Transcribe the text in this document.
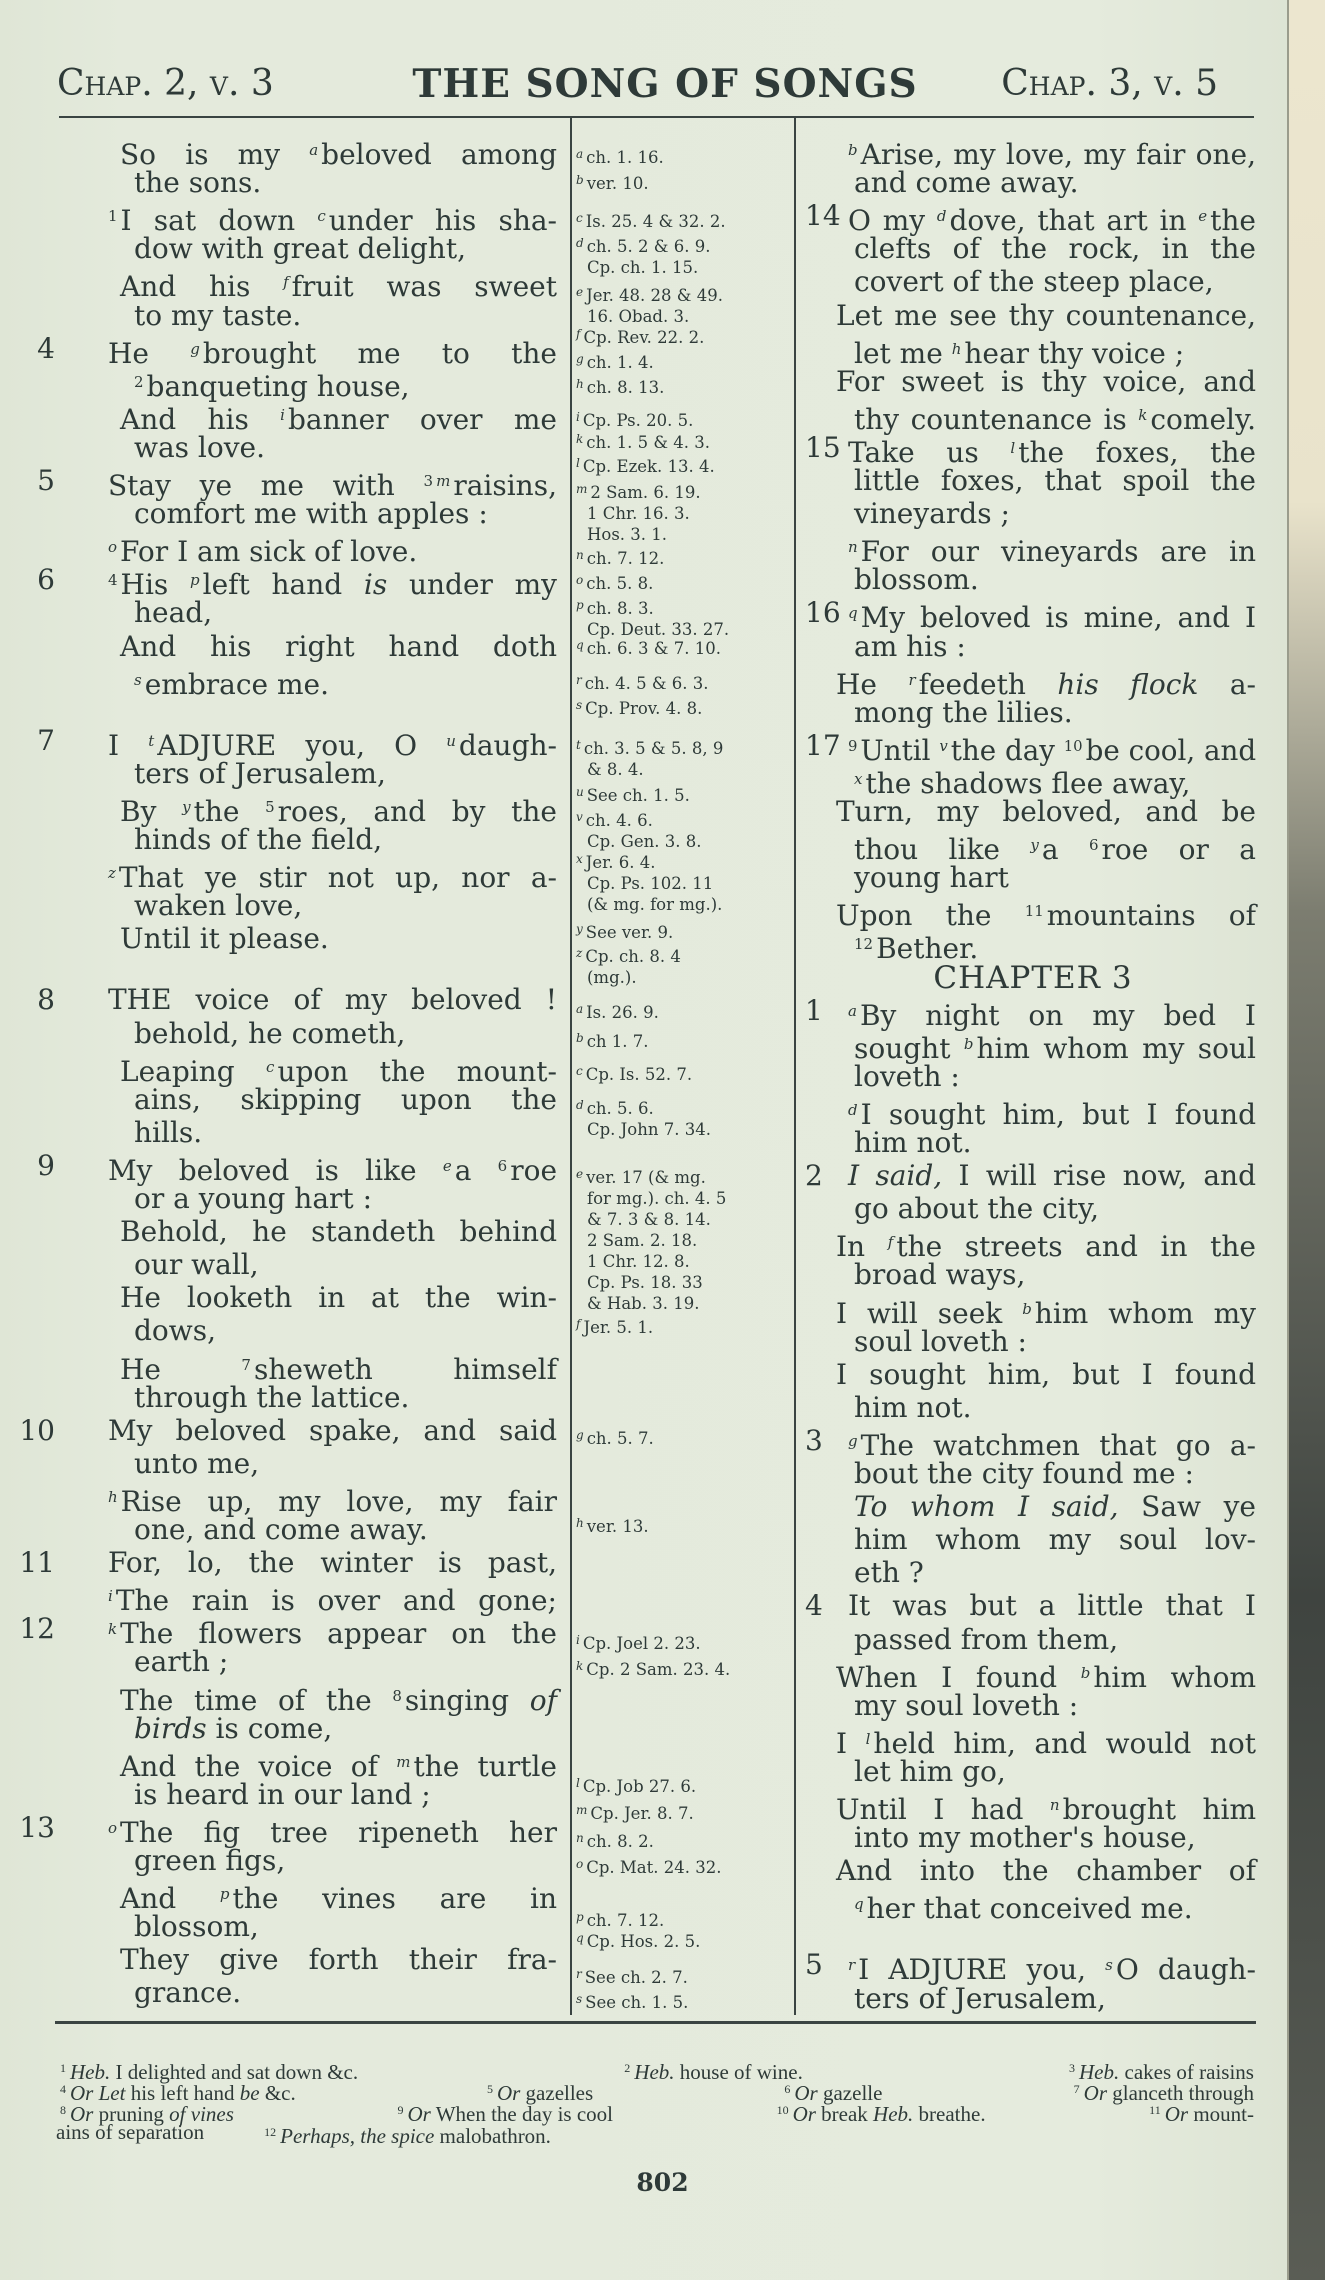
Chap. 2, v. 3	THE SONG OF SONGS	Chap. 3, v. 5
So is my $^a$ beloved among
the sons.
$^1$ I sat down $^c$ under his sha-
dow with great delight,
And his $^f$ fruit was sweet
to my taste.
He $^g$ brought me to the
4
$^2$ banqueting house,
And his $^i$ banner over me
was love.
Stay ye me with $^3$ $^m$ raisins,
5
comfort me with apples :
$^o$ For I am sick of love.
$^4$ His $^p$ left hand is under my
6
head,
And his right hand doth
$^s$ embrace me.
I $^t$ ADJURE you, O $^u$ daugh-
7
ters of Jerusalem,
By $^y$ the $^5$ roes, and by the
hinds of the field,
$^z$ That ye stir not up, nor a-
waken love,
Until it please.
THE voice of my beloved !
8
behold, he cometh,
Leaping $^c$ upon the mount-
ains, skipping upon the
hills.
My beloved is like $^e$ a $^6$ roe
9
or a young hart :
Behold, he standeth behind
our wall,
He looketh in at the win-
dows,
He $^7$ sheweth himself
through the lattice.
My beloved spake, and said
10
unto me,
$^h$ Rise up, my love, my fair
one, and come away.
For, lo, the winter is past,
11
$^i$ The rain is over and gone;
$^k$ The flowers appear on the
12
earth ;
The time of the $^8$ singing of
birds is come,
And the voice of $^m$ the turtle
is heard in our land ;
$^o$ The fig tree ripeneth her
13
green figs,
And $^p$ the vines are in
blossom,
They give forth their fra-
grance.
$^a$ ch. 1. 16.
$^b$ ver. 10.
$^c$ Is. 25. 4 & 32. 2.
$^d$ ch. 5. 2 & 6. 9.
Cp. ch. 1. 15.
$^e$ Jer. 48. 28 & 49.
16. Obad. 3.
$^f$ Cp. Rev. 22. 2.
$^g$ ch. 1. 4.
$^h$ ch. 8. 13.
$^i$ Cp. Ps. 20. 5.
$^k$ ch. 1. 5 & 4. 3.
$^l$ Cp. Ezek. 13. 4.
$^m$ 2 Sam. 6. 19.
1 Chr. 16. 3.
Hos. 3. 1.
$^n$ ch. 7. 12.
$^o$ ch. 5. 8.
$^p$ ch. 8. 3.
Cp. Deut. 33. 27.
$^q$ ch. 6. 3 & 7. 10.
$^r$ ch. 4. 5 & 6. 3.
$^s$ Cp. Prov. 4. 8.
$^t$ ch. 3. 5 & 5. 8, 9
& 8. 4.
$^u$ See ch. 1. 5.
$^v$ ch. 4. 6.
Cp. Gen. 3. 8.
$^x$ Jer. 6. 4.
Cp. Ps. 102. 11
(& mg. for mg.).
$^y$ See ver. 9.
$^z$ Cp. ch. 8. 4
(mg.).
$^a$ Is. 26. 9.
$^b$ ch 1. 7.
$^c$ Cp. Is. 52. 7.
$^d$ ch. 5. 6.
Cp. John 7. 34.
$^e$ ver. 17 (& mg.
for mg.). ch. 4. 5
& 7. 3 & 8. 14.
2 Sam. 2. 18.
1 Chr. 12. 8.
Cp. Ps. 18. 33
& Hab. 3. 19.
$^f$ Jer. 5. 1.
$^g$ ch. 5. 7.
$^h$ ver. 13.
$^i$ Cp. Joel 2. 23.
$^k$ Cp. 2 Sam. 23. 4.
$^l$ Cp. Job 27. 6.
$^m$ Cp. Jer. 8. 7.
$^n$ ch. 8. 2.
$^o$ Cp. Mat. 24. 32.
$^p$ ch. 7. 12.
$^q$ Cp. Hos. 2. 5.
$^r$ See ch. 2. 7.
$^s$ See ch. 1. 5.
$^b$ Arise, my love, my fair one,
and come away.
O my $^d$ dove, that art in $^e$ the
14
clefts of the rock, in the
covert of the steep place,
Let me see thy countenance,
let me $^h$ hear thy voice ;
For sweet is thy voice, and
thy countenance is $^k$ comely.
Take us $^l$ the foxes, the
15
little foxes, that spoil the
vineyards ;
$^n$ For our vineyards are in
blossom.
$^q$ My beloved is mine, and I
16
am his :
He $^r$ feedeth his flock a-
mong the lilies.
$^9$ Until $^v$ the day $^{10}$ be cool, and
17
$^x$ the shadows flee away,
Turn, my beloved, and be
thou like $^y$ a $^6$ roe or a
young hart
Upon the $^{11}$ mountains of
$^{12}$ Bether.
CHAPTER 3
$^a$ By night on my bed I
1
sought $^b$ him whom my soul
loveth :
$^d$ I sought him, but I found
him not.
I said, I will rise now, and
2
go about the city,
In $^f$ the streets and in the
broad ways,
I will seek $^b$ him whom my
soul loveth :
I sought him, but I found
him not.
$^g$ The watchmen that go a-
3
bout the city found me :
To whom I said, Saw ye
him whom my soul lov-
eth ?
It was but a little that I
4
passed from them,
When I found $^b$ him whom
my soul loveth :
I $^l$ held him, and would not
let him go,
Until I had $^n$ brought him
into my mother's house,
And into the chamber of
$^q$ her that conceived me.
$^r$ I ADJURE you, $^s$ O daugh-
5
ters of Jerusalem,
$^1$ Heb. I delighted and sat down &c.	$^2$ Heb. house of wine.	$^3$ Heb. cakes of raisins
$^4$ Or Let his left hand be &c.	$^5$ Or gazelles	$^6$ Or gazelle	$^7$ Or glanceth through
$^8$ Or pruning of vines	$^9$ Or When the day is cool	$^{10}$ Or break Heb. breathe.	$^{11}$ Or mount-
ains of separation	$^{12}$ Perhaps, the spice malobathron.
802
